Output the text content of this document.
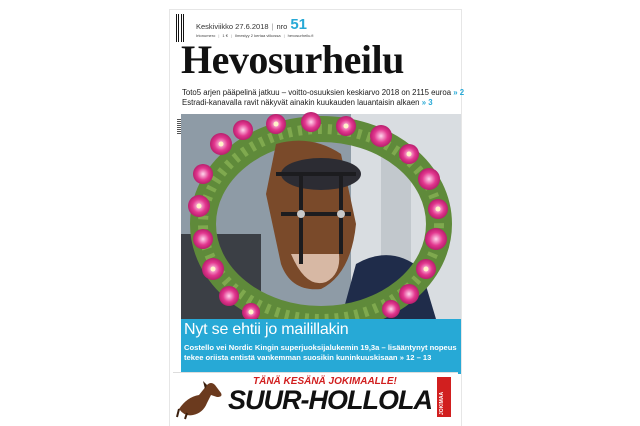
Keskiviikko 27.6.2018 | nro 51
Irtonumero | 1 € | Ilmestyy 2 kertaa viikossa | hevosurheilu.fi
Hevosurheilu
Toto5 arjen pääpelinä jatkuu – voitto-osuuksien keskiarvo 2018 on 2115 euroa » 2
Estradi-kanavalla ravit näkyvät ainakin kuukauden lauantaisin alkaen » 3
Nyt se ehtii jo mailillakin
Costello vei Nordic Kingin superjuoksijalukemin 19,3a – lisääntynyt nopeus tekee oriista entistä vankemman suosikin kuninkuuskisaan » 12 – 13
TÄNÄ KESÄNÄ JOKIMAALLE!
SUUR-HOLLOLA JOKIMAA
